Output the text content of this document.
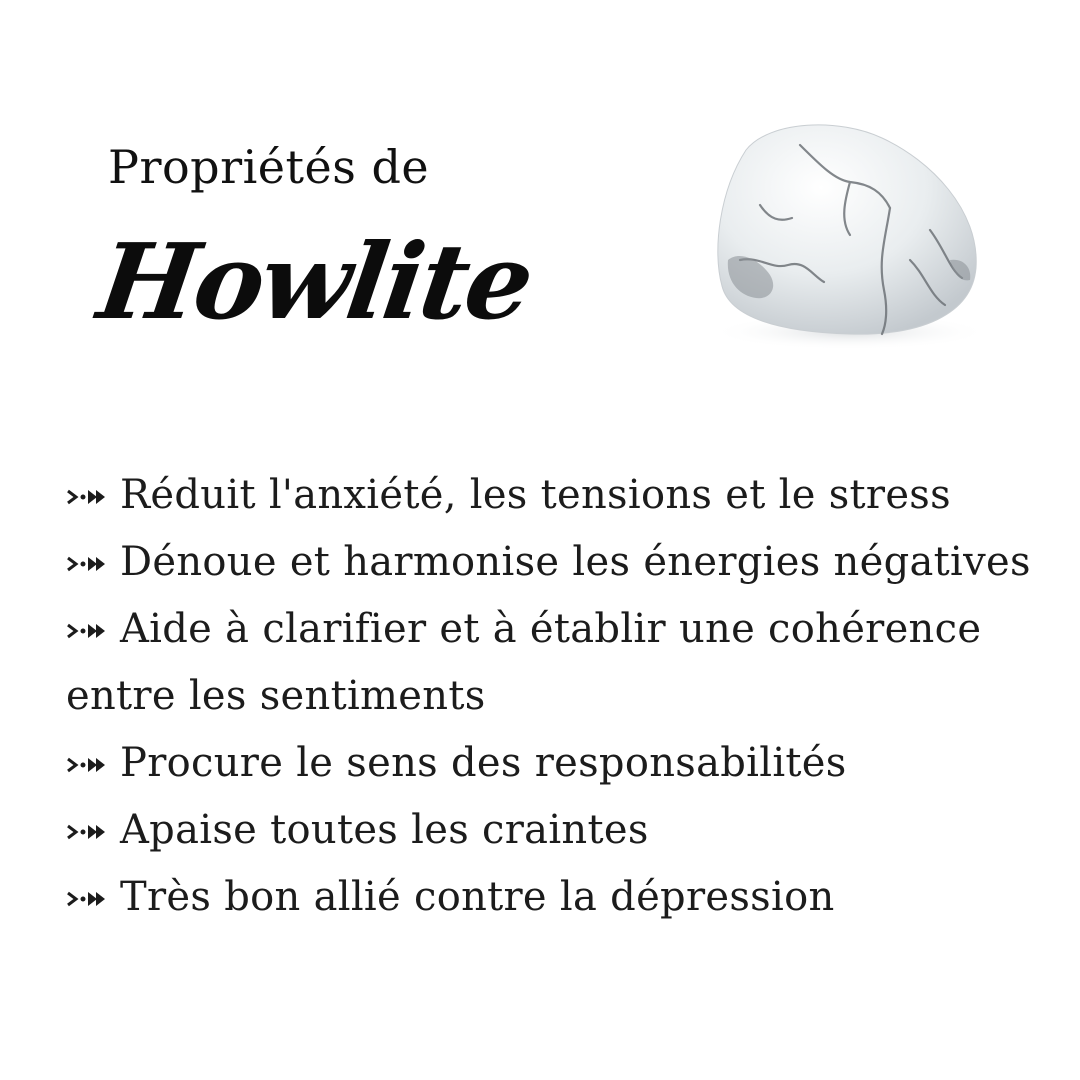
Propriétés de
Howlite
Réduit l'anxiété, les tensions et le stress
Dénoue et harmonise les énergies négatives
Aide à clarifier et à établir une cohérence
entre les sentiments
Procure le sens des responsabilités
Apaise toutes les craintes
Très bon allié contre la dépression
